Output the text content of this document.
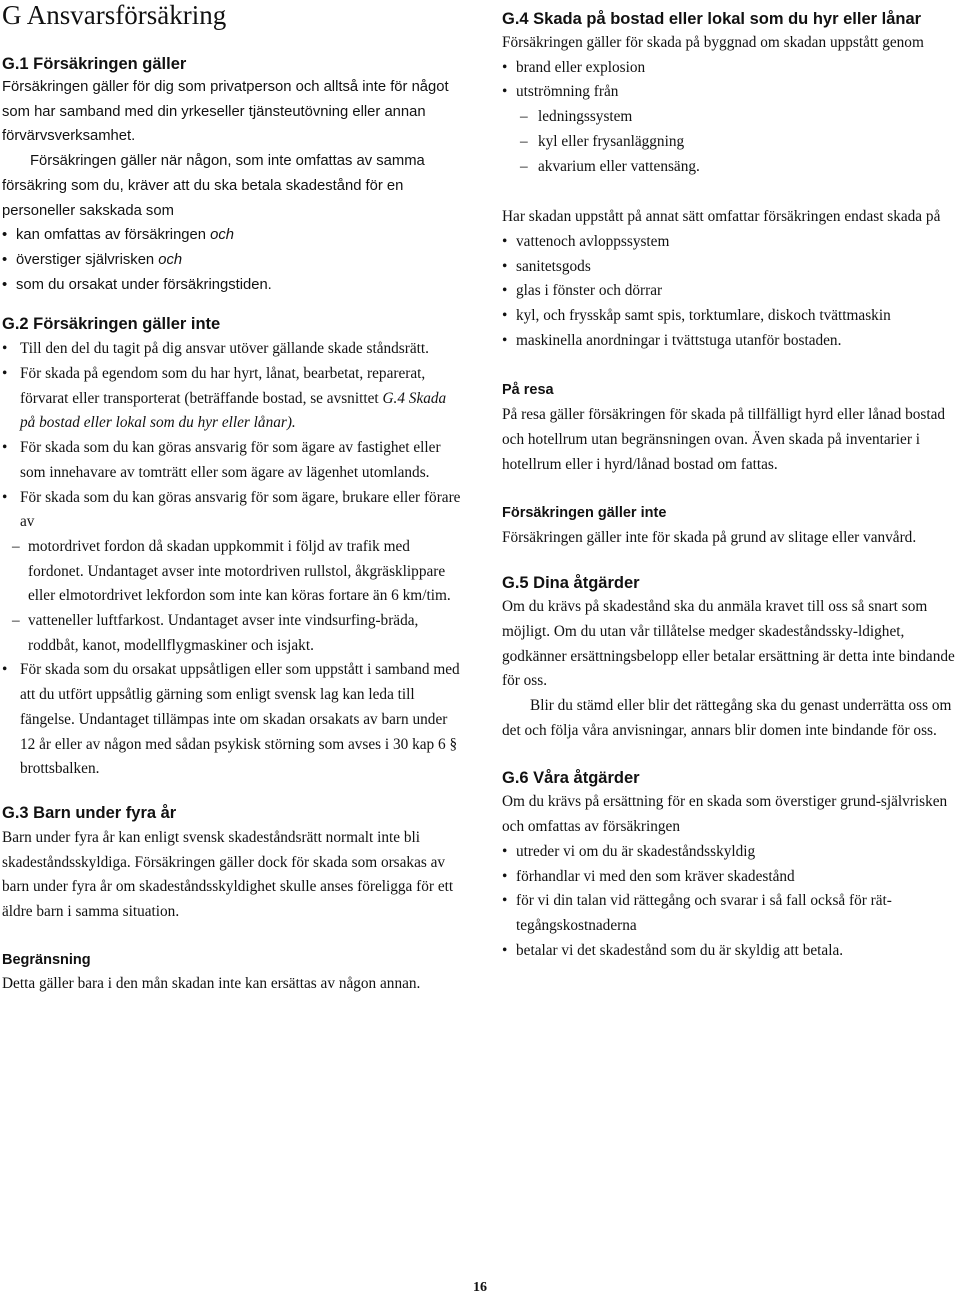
G Ansvarsförsäkring
G.1 Försäkringen gäller

Försäkringen gäller för dig som privatperson och alltså inte för något som har samband med din yrkeseller tjänsteutövning eller annan förvärvsverksamhet.

Försäkringen gäller när någon, som inte omfattas av samma försäkring som du, kräver att du ska betala skadestånd för en personeller sakskada som

• kan omfattas av försäkringen och
• överstiger självrisken och
• som du orsakat under försäkringstiden.
G.2 Försäkringen gäller inte
• Till den del du tagit på dig ansvar utöver gällande skade ståndsrätt.
• För skada på egendom som du har hyrt, lånat, bearbetat, reparerat, förvarat eller transporterat (beträffande bostad, se avsnittet G.4 Skada på bostad eller lokal som du hyr eller lånar).
• För skada som du kan göras ansvarig för som ägare av fastighet eller som innehavare av tomträtt eller som ägare av lägenhet utomlands.
• För skada som du kan göras ansvarig för som ägare, brukare eller förare av
– motordrivet fordon då skadan uppkommit i följd av trafik med fordonet. Undantaget avser inte motordriven rullstol, åkgräsklippare eller elmotordrivet lekfordon som inte kan köras fortare än 6 km/tim.
– vatteneller luftfarkost. Undantaget avser inte vindsurfing-bräda, roddbåt, kanot, modellflygmaskiner och isjakt.
• För skada som du orsakat uppsåtligen eller som uppstått i samband med att du utfört uppsåtlig gärning som enligt svensk lag kan leda till fängelse. Undantaget tillämpas inte om skadan orsakats av barn under 12 år eller av någon med sådan psykisk störning som avses i 30 kap 6 § brottsbalken.
G.3 Barn under fyra år

Barn under fyra år kan enligt svensk skadeståndsrätt normalt inte bli skadeståndsskyldiga. Försäkringen gäller dock för skada som orsakas av barn under fyra år om skadeståndsskyldighet skulle anses föreligga för ett äldre barn i samma situation.

Begränsning

Detta gäller bara i den mån skadan inte kan ersättas av någon annan.

G.4 Skada på bostad eller lokal som du hyr eller lånar

Försäkringen gäller för skada på byggnad om skadan uppstått genom

• brand eller explosion
• utströmning från
– ledningssystem
– kyl eller frysanläggning
– akvarium eller vattensäng.

Har skadan uppstått på annat sätt omfattar försäkringen endast skada på

• vattenoch avloppssystem
• sanitetsgods
• glas i fönster och dörrar
• kyl, och frysskåp samt spis, torktumlare, diskoch tvättmaskin
• maskinella anordningar i tvättstuga utanför bostaden.
På resa

På resa gäller försäkringen för skada på tillfälligt hyrd eller lånad bostad och hotellrum utan begränsningen ovan. Även skada på inventarier i hotellrum eller i hyrd/lånad bostad om fattas.

Försäkringen gäller inte

Försäkringen gäller inte för skada på grund av slitage eller vanvård.

G.5 Dina åtgärder

Om du krävs på skadestånd ska du anmäla kravet till oss så snart som möjligt. Om du utan vår tillåtelse medger skadeståndssky-ldighet, godkänner ersättningsbelopp eller betalar ersättning är detta inte bindande för oss.

Blir du stämd eller blir det rättegång ska du genast underrätta oss om det och följa våra anvisningar, annars blir domen inte bindande för oss.

G.6 Våra åtgärder

Om du krävs på ersättning för en skada som överstiger grund-självrisken och omfattas av försäkringen

• utreder vi om du är skadeståndsskyldig
• förhandlar vi med den som kräver skadestånd
• för vi din talan vid rättegång och svarar i så fall också för rät-tegångskostnaderna
• betalar vi det skadestånd som du är skyldig att betala.
16
